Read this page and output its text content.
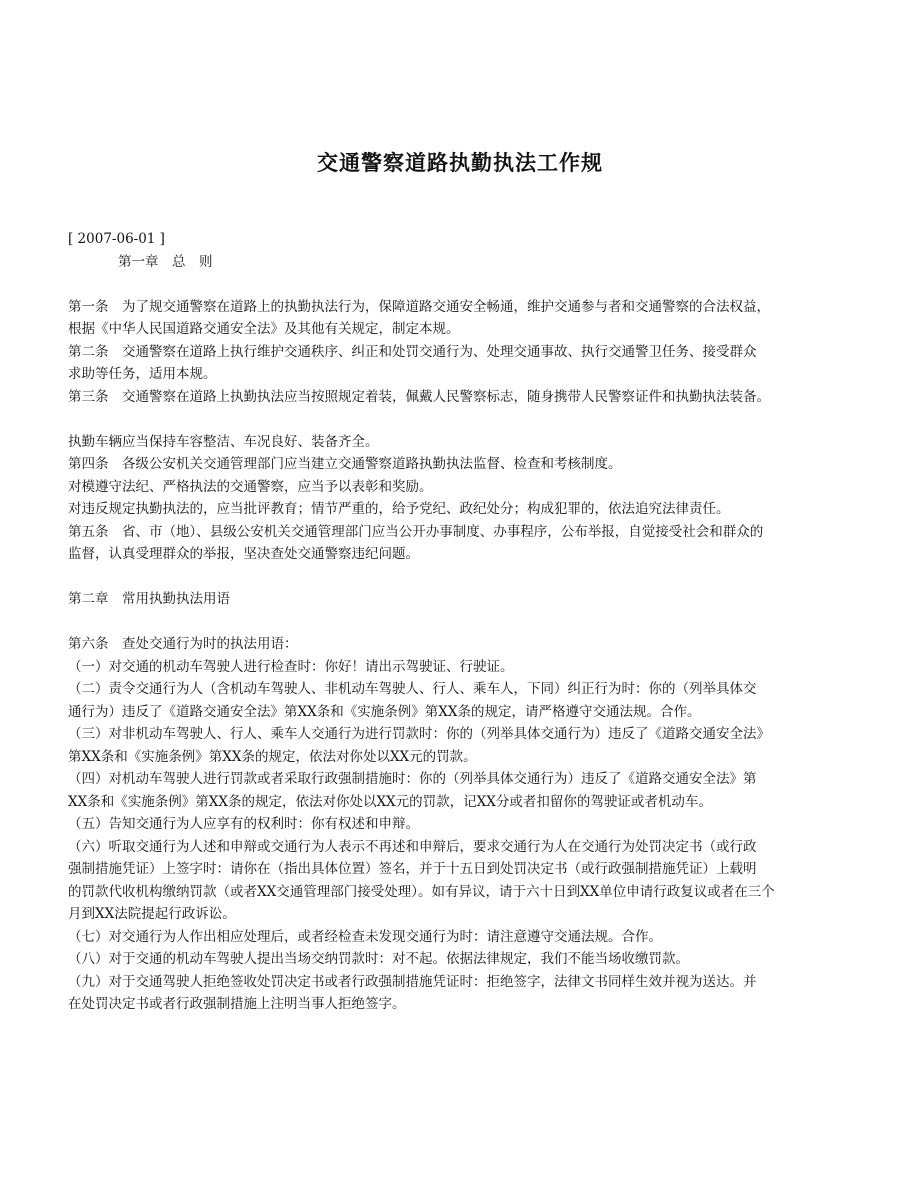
交通警察道路执勤执法工作规
[ 2007-06-01 ]
第一章　总　则
第一条　为了规交通警察在道路上的执勤执法行为，保障道路交通安全畅通，维护交通参与者和交通警察的合法权益，
根据《中华人民国道路交通安全法》及其他有关规定，制定本规。
第二条　交通警察在道路上执行维护交通秩序、纠正和处罚交通行为、处理交通事故、执行交通警卫任务、接受群众
求助等任务，适用本规。
第三条　交通警察在道路上执勤执法应当按照规定着装，佩戴人民警察标志，随身携带人民警察证件和执勤执法装备。
执勤车辆应当保持车容整洁、车况良好、装备齐全。
第四条　各级公安机关交通管理部门应当建立交通警察道路执勤执法监督、检查和考核制度。
对模遵守法纪、严格执法的交通警察，应当予以表彰和奖励。
对违反规定执勤执法的，应当批评教育；情节严重的，给予党纪、政纪处分；构成犯罪的，依法追究法律责任。
第五条　省、市（地）、县级公安机关交通管理部门应当公开办事制度、办事程序，公布举报，自觉接受社会和群众的
监督，认真受理群众的举报，坚决查处交通警察违纪问题。
第二章　常用执勤执法用语
第六条　查处交通行为时的执法用语：
（一）对交通的机动车驾驶人进行检查时：你好！请出示驾驶证、行驶证。
（二）责令交通行为人（含机动车驾驶人、非机动车驾驶人、行人、乘车人，下同）纠正行为时：你的（列举具体交
通行为）违反了《道路交通安全法》第XX条和《实施条例》第XX条的规定，请严格遵守交通法规。合作。
（三）对非机动车驾驶人、行人、乘车人交通行为进行罚款时：你的（列举具体交通行为）违反了《道路交通安全法》
第XX条和《实施条例》第XX条的规定，依法对你处以XX元的罚款。
（四）对机动车驾驶人进行罚款或者采取行政强制措施时：你的（列举具体交通行为）违反了《道路交通安全法》第
XX条和《实施条例》第XX条的规定，依法对你处以XX元的罚款，记XX分或者扣留你的驾驶证或者机动车。
（五）告知交通行为人应享有的权利时：你有权述和申辩。
（六）听取交通行为人述和申辩或交通行为人表示不再述和申辩后，要求交通行为人在交通行为处罚决定书（或行政
强制措施凭证）上签字时：请你在（指出具体位置）签名，并于十五日到处罚决定书（或行政强制措施凭证）上载明
的罚款代收机构缴纳罚款（或者XX交通管理部门接受处理）。如有异议，请于六十日到XX单位申请行政复议或者在三个
月到XX法院提起行政诉讼。
（七）对交通行为人作出相应处理后，或者经检查未发现交通行为时：请注意遵守交通法规。合作。
（八）对于交通的机动车驾驶人提出当场交纳罚款时：对不起。依据法律规定，我们不能当场收缴罚款。
（九）对于交通驾驶人拒绝签收处罚决定书或者行政强制措施凭证时：拒绝签字，法律文书同样生效并视为送达。并
在处罚决定书或者行政强制措施上注明当事人拒绝签字。
